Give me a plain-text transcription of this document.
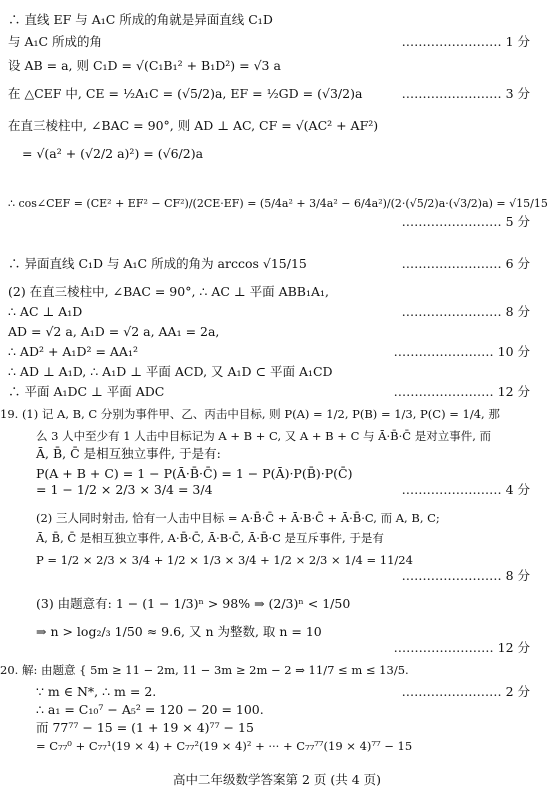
∴ 直线 EF 与 A₁C 所成的角就是异面直线 C₁D
与 A₁C 所成的角	…………………… 1 分
设 AB = a, 则 C₁D = √(C₁B₁² + B₁D²) = √3 a
在 △CEF 中, CE = ½A₁C = (√5/2)a, EF = ½GD = (√3/2)a	…………………… 3 分
在直三棱柱中, ∠BAC = 90°, 则 AD ⊥ AC, CF = √(AC² + AF²)
= √(a² + (√2/2 a)²) = (√6/2)a
∴ cos∠CEF = (CE² + EF² − CF²)/(2CE·EF) = (5/4a² + 3/4a² − 6/4a²)/(2·(√5/2)a·(√3/2)a) = √15/15
…………………… 5 分
∴ 异面直线 C₁D 与 A₁C 所成的角为 arccos √15/15	…………………… 6 分
(2) 在直三棱柱中, ∠BAC = 90°, ∴ AC ⊥ 平面 ABB₁A₁,
∴ AC ⊥ A₁D	…………………… 8 分
AD = √2 a, A₁D = √2 a, AA₁ = 2a,
∴ AD² + A₁D² = AA₁²	…………………… 10 分
∴ AD ⊥ A₁D, ∴ A₁D ⊥ 平面 ACD, 又 A₁D ⊂ 平面 A₁CD
∴ 平面 A₁DC ⊥ 平面 ADC	…………………… 12 分
19. (1) 记 A, B, C 分别为事件甲、乙、丙击中目标, 则 P(A) = 1/2, P(B) = 1/3, P(C) = 1/4, 那
么 3 人中至少有 1 人击中目标记为 A + B + C, 又 A + B + C 与 Ā·B̄·C̄ 是对立事件, 而
Ā, B̄, C̄ 是相互独立事件, 于是有:
P(A + B + C) = 1 − P(Ā·B̄·C̄) = 1 − P(Ā)·P(B̄)·P(C̄)
= 1 − 1/2 × 2/3 × 3/4 = 3/4	…………………… 4 分
(2) 三人同时射击, 恰有一人击中目标 = A·B̄·C̄ + Ā·B·C̄ + Ā·B̄·C, 而 A, B, C;
Ā, B̄, C̄ 是相互独立事件, A·B̄·C̄, Ā·B·C̄, Ā·B̄·C 是互斥事件, 于是有
P = 1/2 × 2/3 × 3/4 + 1/2 × 1/3 × 3/4 + 1/2 × 2/3 × 1/4 = 11/24
…………………… 8 分
(3) 由题意有: 1 − (1 − 1/3)ⁿ > 98% ⇒ (2/3)ⁿ < 1/50
⇒ n > log₂/₃ 1/50 ≈ 9.6, 又 n 为整数, 取 n = 10
…………………… 12 分
20. 解: 由题意 { 5m ≥ 11 − 2m, 11 − 3m ≥ 2m − 2 ⇒ 11/7 ≤ m ≤ 13/5.
∵ m ∈ N*, ∴ m = 2.	…………………… 2 分
∴ a₁ = C₁₀⁷ − A₅² = 120 − 20 = 100.
而 77⁷⁷ − 15 = (1 + 19 × 4)⁷⁷ − 15
= C₇₇⁰ + C₇₇¹(19 × 4) + C₇₇²(19 × 4)² + ··· + C₇₇⁷⁷(19 × 4)⁷⁷ − 15
高中二年级数学答案第 2 页 (共 4 页)
